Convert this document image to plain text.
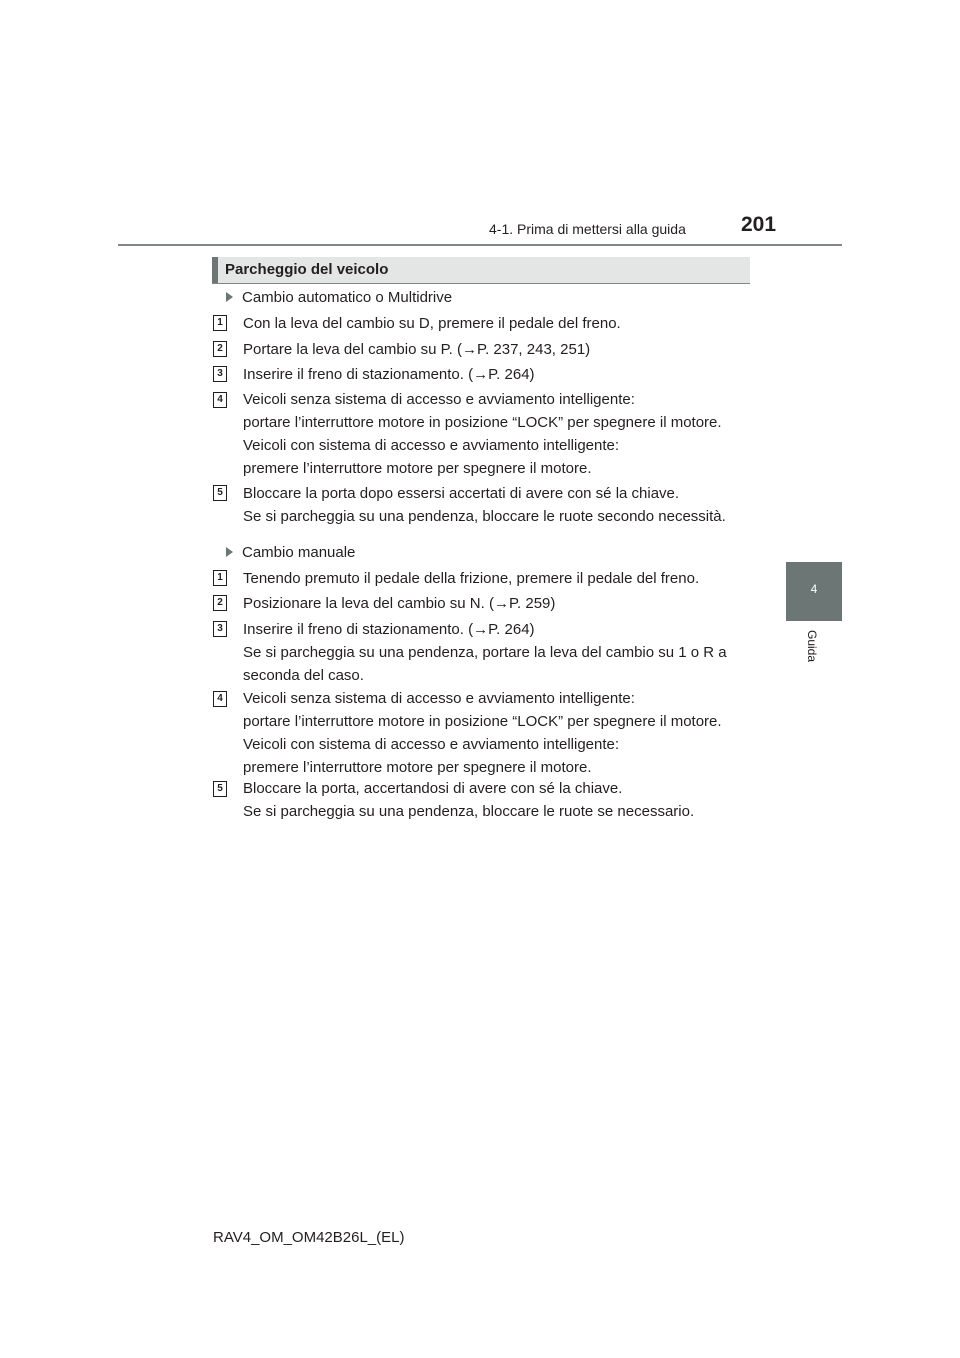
4-1. Prima di mettersi alla guida	201
4
Guida
Parcheggio del veicolo
Cambio automatico o Multidrive
1 Con la leva del cambio su D, premere il pedale del freno.
2 Portare la leva del cambio su P. (→P. 237, 243, 251)
3 Inserire il freno di stazionamento. (→P. 264)
4 Veicoli senza sistema di accesso e avviamento intelligente:
portare l’interruttore motore in posizione “LOCK” per spegnere il motore.
Veicoli con sistema di accesso e avviamento intelligente:
premere l’interruttore motore per spegnere il motore.
5 Bloccare la porta dopo essersi accertati di avere con sé la chiave.
Se si parcheggia su una pendenza, bloccare le ruote secondo necessità.
Cambio manuale
1 Tenendo premuto il pedale della frizione, premere il pedale del freno.
2 Posizionare la leva del cambio su N. (→P. 259)
3 Inserire il freno di stazionamento. (→P. 264)
Se si parcheggia su una pendenza, portare la leva del cambio su 1 o R a
seconda del caso.
4 Veicoli senza sistema di accesso e avviamento intelligente:
portare l’interruttore motore in posizione “LOCK” per spegnere il motore.
Veicoli con sistema di accesso e avviamento intelligente:
premere l’interruttore motore per spegnere il motore.
5 Bloccare la porta, accertandosi di avere con sé la chiave.
Se si parcheggia su una pendenza, bloccare le ruote se necessario.
RAV4_OM_OM42B26L_(EL)
